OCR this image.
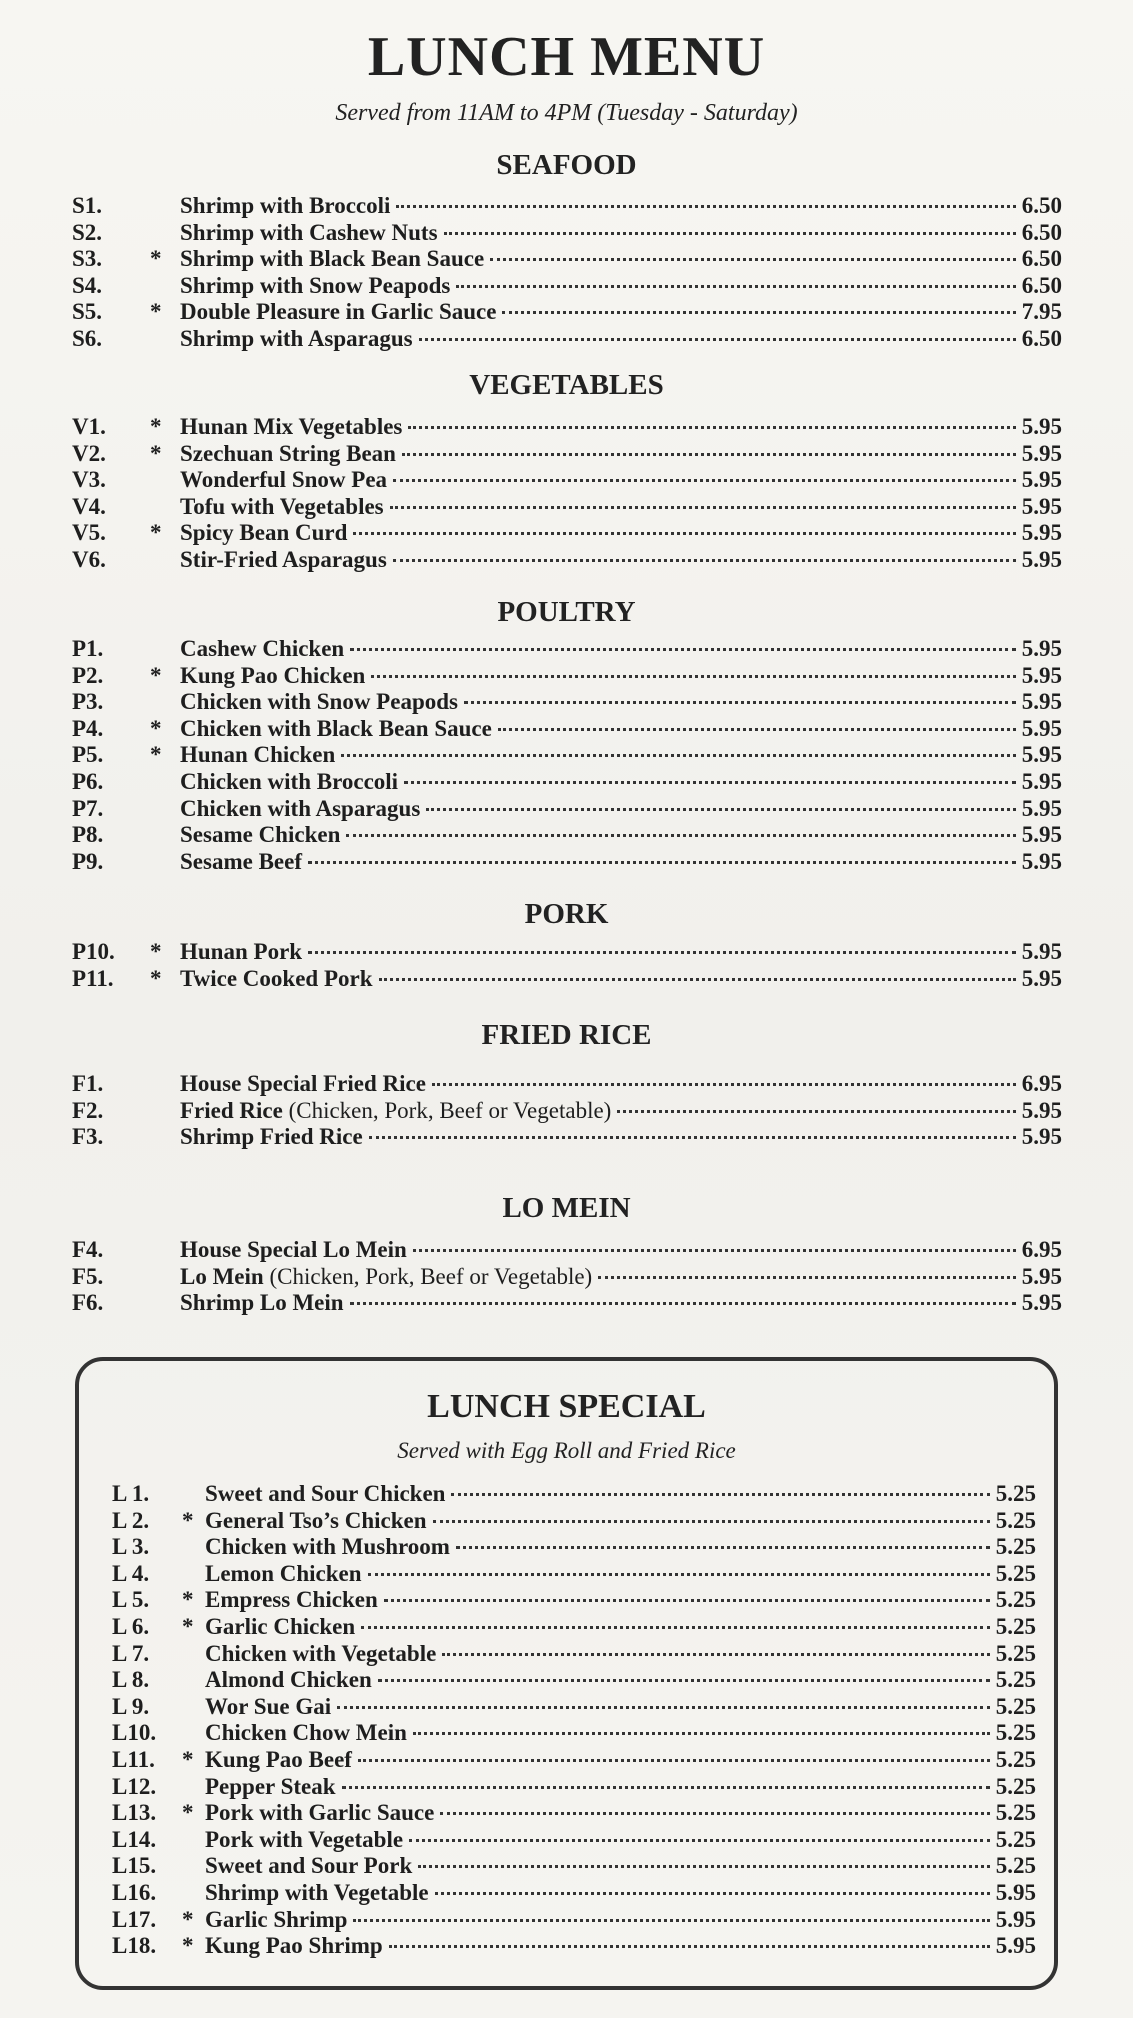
LUNCH MENU
Served from 11AM to 4PM (Tuesday - Saturday)
SEAFOOD
S1.	Shrimp with Broccoli	6.50
S2.	Shrimp with Cashew Nuts	6.50
S3. * Shrimp with Black Bean Sauce	6.50
S4.	Shrimp with Snow Peapods	6.50
S5. * Double Pleasure in Garlic Sauce	7.95
S6.	Shrimp with Asparagus	6.50
VEGETABLES
V1. * Hunan Mix Vegetables	5.95
V2. * Szechuan String Bean	5.95
V3.	Wonderful Snow Pea	5.95
V4.	Tofu with Vegetables	5.95
V5. * Spicy Bean Curd	5.95
V6.	Stir-Fried Asparagus	5.95
POULTRY
P1.	Cashew Chicken	5.95
P2. * Kung Pao Chicken	5.95
P3.	Chicken with Snow Peapods	5.95
P4. * Chicken with Black Bean Sauce	5.95
P5. * Hunan Chicken	5.95
P6.	Chicken with Broccoli	5.95
P7.	Chicken with Asparagus	5.95
P8.	Sesame Chicken	5.95
P9.	Sesame Beef	5.95
PORK
P10. * Hunan Pork	5.95
P11. * Twice Cooked Pork	5.95
FRIED RICE
F1.	House Special Fried Rice	6.95
F2.	Fried Rice (Chicken, Pork, Beef or Vegetable)	5.95
F3.	Shrimp Fried Rice	5.95
LO MEIN
F4.	House Special Lo Mein	6.95
F5.	Lo Mein (Chicken, Pork, Beef or Vegetable)	5.95
F6.	Shrimp Lo Mein	5.95
LUNCH SPECIAL
Served with Egg Roll and Fried Rice
L 1. Sweet and Sour Chicken	5.25
L 2. * General Tso’s Chicken	5.25
L 3. Chicken with Mushroom	5.25
L 4. Lemon Chicken	5.25
L 5. * Empress Chicken	5.25
L 6. * Garlic Chicken	5.25
L 7. Chicken with Vegetable	5.25
L 8. Almond Chicken	5.25
L 9. Wor Sue Gai	5.25
L10. Chicken Chow Mein	5.25
L11. * Kung Pao Beef	5.25
L12. Pepper Steak	5.25
L13. * Pork with Garlic Sauce	5.25
L14. Pork with Vegetable	5.25
L15. Sweet and Sour Pork	5.25
L16. Shrimp with Vegetable	5.95
L17. * Garlic Shrimp	5.95
L18. * Kung Pao Shrimp	5.95
